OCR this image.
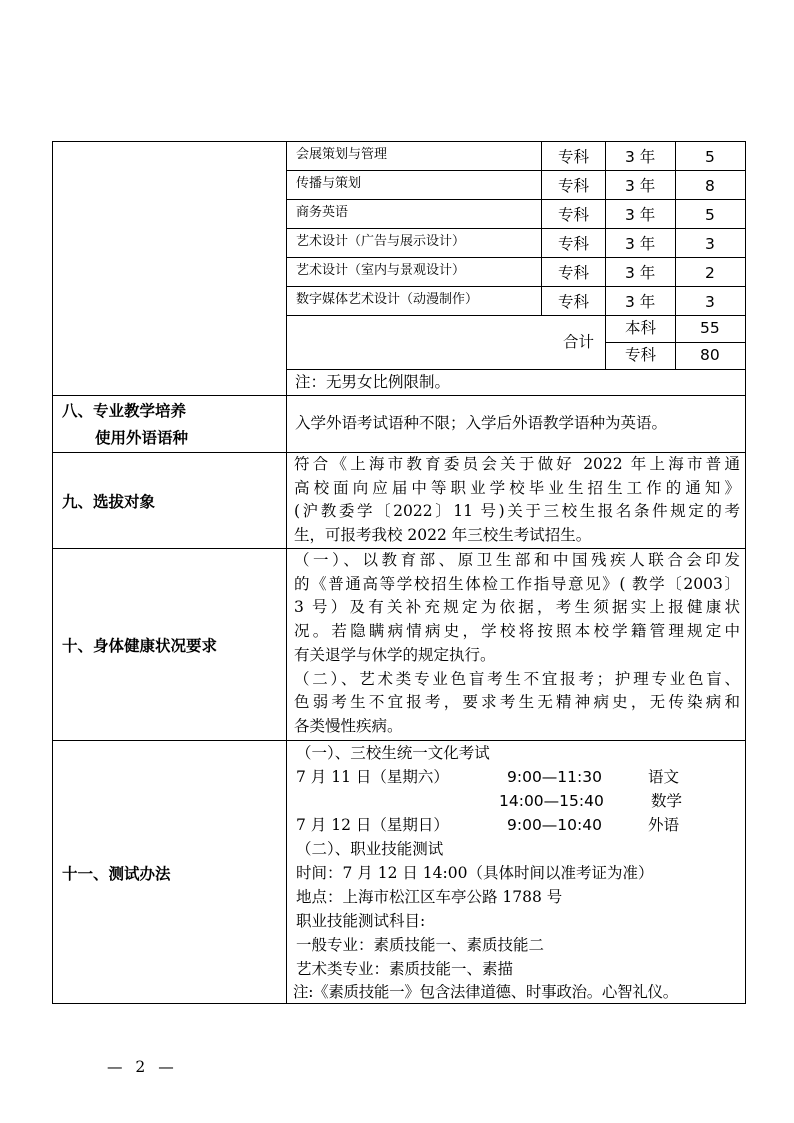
会展策划与管理	专科 3 年	5
传播与策划	专科 3 年	8
商务英语	专科 3 年	5
艺术设计（广告与展示设计）	专科 3 年	3
艺术设计（室内与景观设计）	专科 3 年	2
数字媒体艺术设计（动漫制作）	专科 3 年	3
合计
本科	55
专科	80
注：无男女比例限制。
八、专业教学培养
使用外语语种
入学外语考试语种不限；入学后外语教学语种为英语。
九、选拔对象
符合《上海市教育委员会关于做好 2022 年上海市普通
高校面向应届中等职业学校毕业生招生工作的通知》
(沪教委学〔2022〕11 号)关于三校生报名条件规定的考
生，可报考我校 2022 年三校生考试招生。
十、身体健康状况要求
（一）、以教育部、原卫生部和中国残疾人联合会印发
的《普通高等学校招生体检工作指导意见》( 教学〔2003〕
3 号）及有关补充规定为依据，考生须据实上报健康状
况。若隐瞒病情病史，学校将按照本校学籍管理规定中
有关退学与休学的规定执行。
（二）、艺术类专业色盲考生不宜报考；护理专业色盲、
色弱考生不宜报考，要求考生无精神病史，无传染病和
各类慢性疾病。
十一、测试办法
（一）、三校生统一文化考试
7 月 11 日（星期六）	9:00—11:30	语文
14:00—15:40	数学
7 月 12 日（星期日）	9:00—10:40	外语
（二）、职业技能测试
时间：7 月 12 日 14:00（具体时间以准考证为准）
地点：上海市松江区车亭公路 1788 号
职业技能测试科目:
一般专业：素质技能一、素质技能二
艺术类专业：素质技能一、素描
注:《素质技能一》包含法律道德、时事政治。心智礼仪。
— 2 —
